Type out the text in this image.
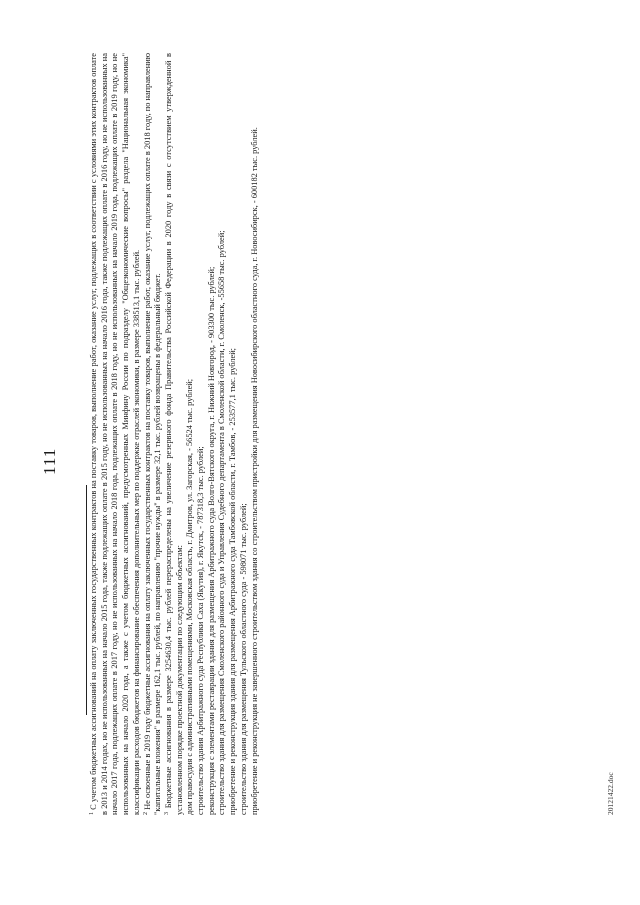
111

$^1$ С учетом бюджетных ассигнований на оплату заключенных государственных контрактов на поставку товаров, выполнение работ, оказание услуг, подлежащих в соответствии с условиями этих контрактов оплате в 2013 и 2014 годах, но не использованных на начало 2015 года, также подлежащих оплате в 2015 году, но не использованных на начало 2016 года, также подлежащих оплате в 2016 году, но не использованных на начало 2017 года, подлежащих оплате в 2017 году, но не использованных на начало 2018 года, подлежащих оплате в 2018 году, но не использованных на начало 2019 года, подлежащих оплате в 2019 году, но не использованных на начало 2020 года, а также с учетом бюджетных ассигнований, предусмотренных Минфину России по подразделу "Общеэкономические вопросы" раздела "Национальная экономика" классификации расходов бюджетов на финансирование обеспечения дополнительных мер по поддержке отраслей экономики, в размере 338513,1 тыс. рублей. $^2$ Не освоенные в 2019 году бюджетные ассигнования на оплату заключенных государственных контрактов на поставку товаров, выполнение работ, оказание услуг, подлежащих оплате в 2018 году, по направлению "капитальные вложения" в размере 162,1 тыс. рублей, по направлению "прочие нужды" в размере 32,1 тыс. рублей возвращены в федеральный бюджет. $^3$ Бюджетные ассигнования в размере 3254630,4 тыс. рублей перераспределены на увеличение резервного фонда Правительства Российской Федерации в 2020 году в связи с отсутствием утвержденной в установленном порядке проектной документации по следующим объектам: дом правосудия с административными помещениями, Московская область, г. Дмитров, ул. Загорская, - 56524 тыс. рублей; строительство здания Арбитражного суда Республики Саха (Якутия), г. Якутск, - 787318,3 тыс. рублей; реконструкция с элементами реставрации здания для размещения Арбитражного суда Волго-Вятского округа, г. Нижний Новгород, - 903300 тыс. рублей; строительство здания для размещения Смоленского районного суда и Управления Судебного департамента в Смоленской области, г. Смоленск, -55658 тыс. рублей; приобретение и реконструкция здания для размещения Арбитражного суда Тамбовской области, г. Тамбов, - 253577,1 тыс. рублей; строительство здания для размещения Тульского областного суда - 598071 тыс. рублей; приобретение и реконструкция не завершенного строительством здания со строительством пристройки для размещения Новосибирского областного суда, г. Новосибирск, - 600182 тыс. рублей.	20121422.doc
